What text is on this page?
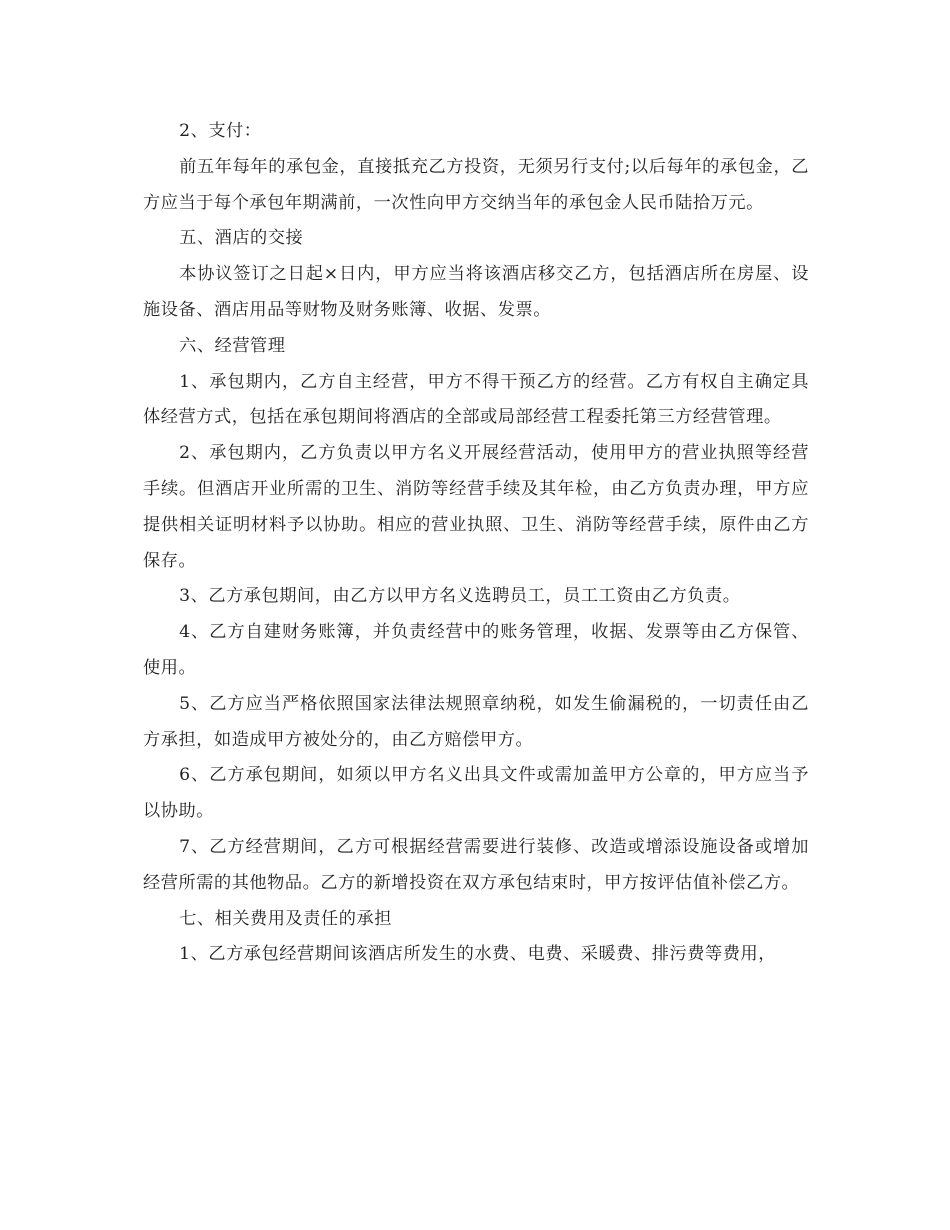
2、支付：

前五年每年的承包金，直接抵充乙方投资，无须另行支付;以后每年的承包金，乙方应当于每个承包年期满前，一次性向甲方交纳当年的承包金人民币陆拾万元。

五、酒店的交接

本协议签订之日起×日内，甲方应当将该酒店移交乙方，包括酒店所在房屋、设施设备、酒店用品等财物及财务账簿、收据、发票。

六、经营管理

1、承包期内，乙方自主经营，甲方不得干预乙方的经营。乙方有权自主确定具体经营方式，包括在承包期间将酒店的全部或局部经营工程委托第三方经营管理。

2、承包期内，乙方负责以甲方名义开展经营活动，使用甲方的营业执照等经营手续。但酒店开业所需的卫生、消防等经营手续及其年检，由乙方负责办理，甲方应提供相关证明材料予以协助。相应的营业执照、卫生、消防等经营手续，原件由乙方保存。

3、乙方承包期间，由乙方以甲方名义选聘员工，员工工资由乙方负责。

4、乙方自建财务账簿，并负责经营中的账务管理，收据、发票等由乙方保管、使用。

5、乙方应当严格依照国家法律法规照章纳税，如发生偷漏税的，一切责任由乙方承担，如造成甲方被处分的，由乙方赔偿甲方。

6、乙方承包期间，如须以甲方名义出具文件或需加盖甲方公章的，甲方应当予以协助。

7、乙方经营期间，乙方可根据经营需要进行装修、改造或增添设施设备或增加经营所需的其他物品。乙方的新增投资在双方承包结束时，甲方按评估值补偿乙方。

七、相关费用及责任的承担

1、乙方承包经营期间该酒店所发生的水费、电费、采暖费、排污费等费用，
